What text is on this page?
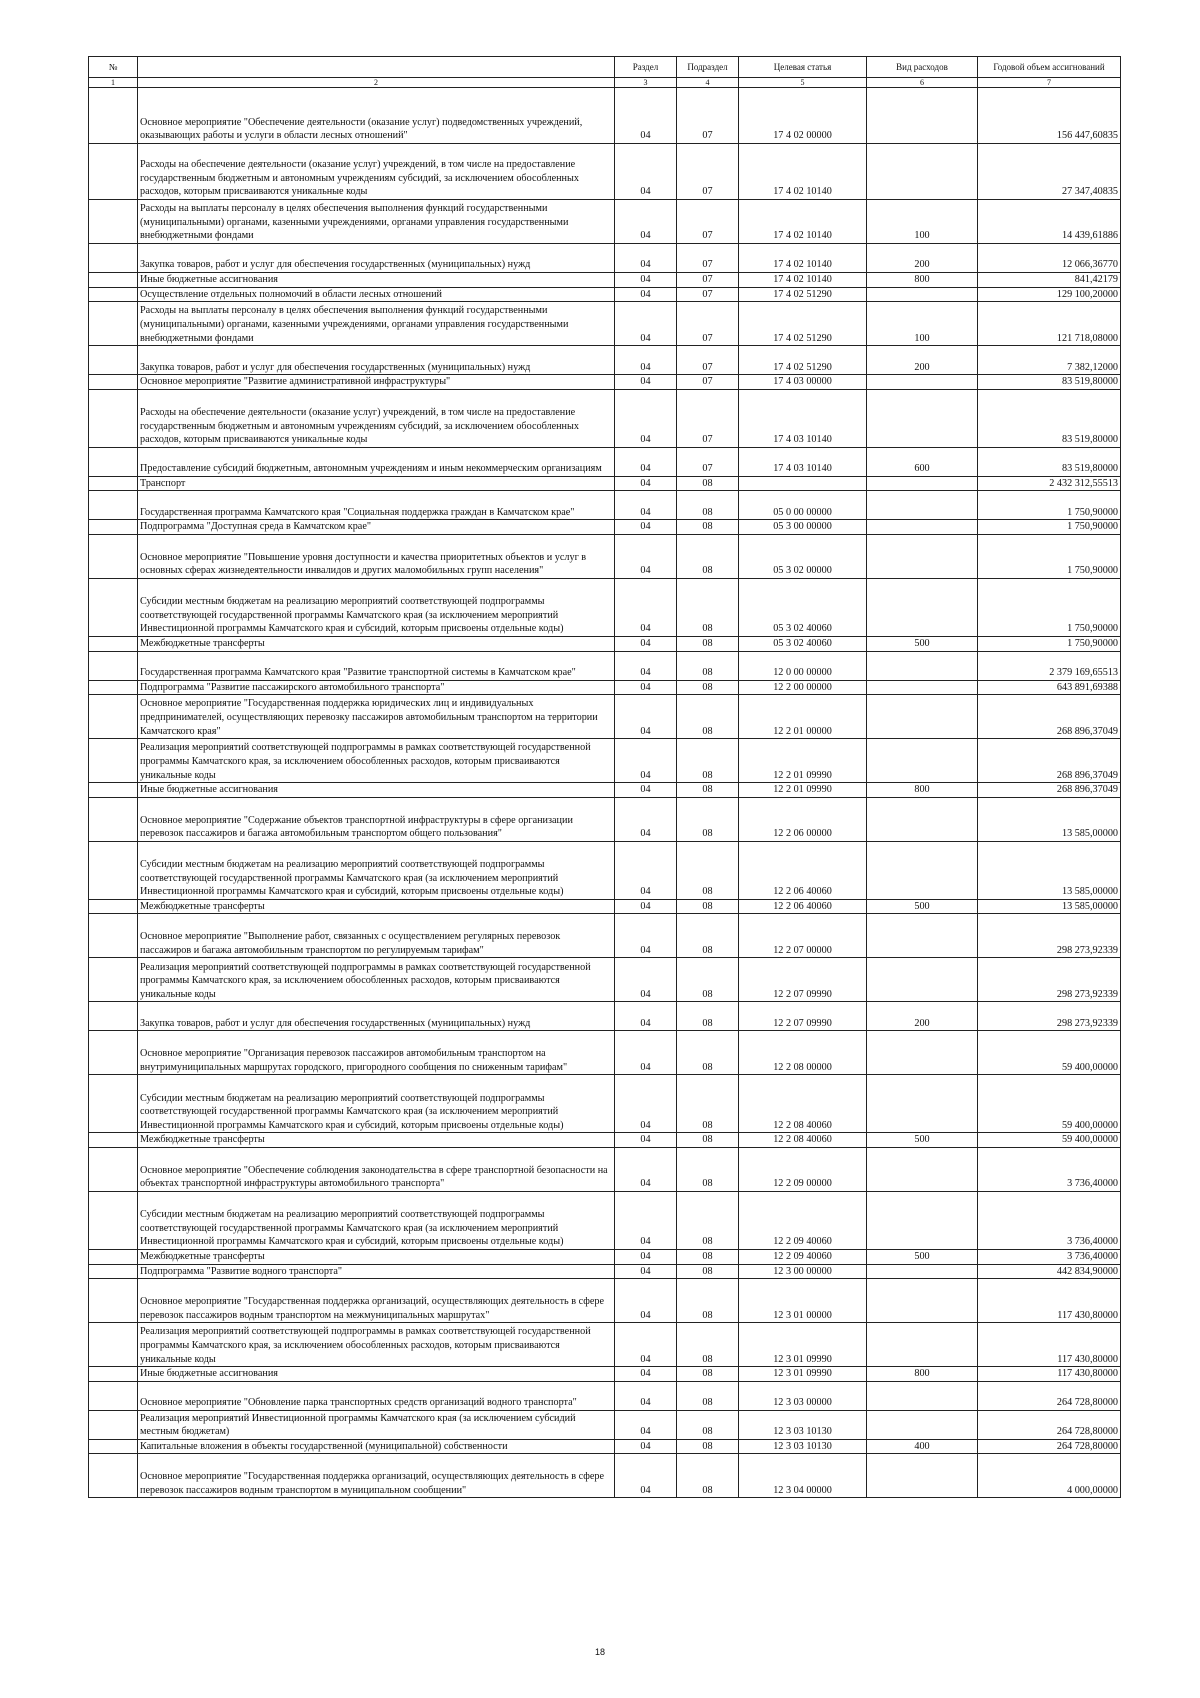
№		Раздел	Подраздел	Целевая статья	Вид расходов	Годовой объем ассигнований
1	2	3	4	5	6	7
	Основное мероприятие "Обеспечение деятельности (оказание услуг) подведомственных учреждений, оказывающих работы и услуги в области лесных отношений"	04	07	17 4 02 00000		156 447,60835
	Расходы на обеспечение деятельности (оказание услуг) учреждений, в том числе на предоставление государственным бюджетным и автономным учреждениям субсидий, за исключением обособленных расходов, которым присваиваются уникальные коды	04	07	17 4 02 10140		27 347,40835
	Расходы на выплаты персоналу в целях обеспечения выполнения функций государственными (муниципальными) органами, казенными учреждениями, органами управления государственными внебюджетными фондами	04	07	17 4 02 10140	100	14 439,61886
	Закупка товаров, работ и услуг для обеспечения государственных (муниципальных) нужд	04	07	17 4 02 10140	200	12 066,36770
	Иные бюджетные ассигнования	04	07	17 4 02 10140	800	841,42179
	Осуществление отдельных полномочий в области лесных отношений	04	07	17 4 02 51290		129 100,20000
	Расходы на выплаты персоналу в целях обеспечения выполнения функций государственными (муниципальными) органами, казенными учреждениями, органами управления государственными внебюджетными фондами	04	07	17 4 02 51290	100	121 718,08000
	Закупка товаров, работ и услуг для обеспечения государственных (муниципальных) нужд	04	07	17 4 02 51290	200	7 382,12000
	Основное мероприятие "Развитие административной инфраструктуры"	04	07	17 4 03 00000		83 519,80000
	Расходы на обеспечение деятельности (оказание услуг) учреждений, в том числе на предоставление государственным бюджетным и автономным учреждениям субсидий, за исключением обособленных расходов, которым присваиваются уникальные коды	04	07	17 4 03 10140		83 519,80000
	Предоставление субсидий бюджетным, автономным учреждениям и иным некоммерческим организациям	04	07	17 4 03 10140	600	83 519,80000
	Транспорт	04	08			2 432 312,55513
	Государственная программа Камчатского края "Социальная поддержка граждан в Камчатском крае"	04	08	05 0 00 00000		1 750,90000
	Подпрограмма "Доступная среда в Камчатском крае"	04	08	05 3 00 00000		1 750,90000
	Основное мероприятие "Повышение уровня доступности и качества приоритетных объектов и услуг в основных сферах жизнедеятельности инвалидов и других маломобильных групп населения"	04	08	05 3 02 00000		1 750,90000
	Субсидии местным бюджетам на реализацию мероприятий соответствующей подпрограммы соответствующей государственной программы Камчатского края (за исключением мероприятий Инвестиционной программы Камчатского края и субсидий, которым присвоены отдельные коды)	04	08	05 3 02 40060		1 750,90000
	Межбюджетные трансферты	04	08	05 3 02 40060	500	1 750,90000
	Государственная программа Камчатского края "Развитие транспортной системы в Камчатском крае"	04	08	12 0 00 00000		2 379 169,65513
	Подпрограмма "Развитие пассажирского автомобильного транспорта"	04	08	12 2 00 00000		643 891,69388
	Основное мероприятие "Государственная поддержка юридических лиц и индивидуальных предпринимателей, осуществляющих перевозку пассажиров автомобильным транспортом на территории Камчатского края"	04	08	12 2 01 00000		268 896,37049
	Реализация мероприятий соответствующей подпрограммы в рамках соответствующей государственной программы Камчатского края, за исключением обособленных расходов, которым присваиваются уникальные коды	04	08	12 2 01 09990		268 896,37049
	Иные бюджетные ассигнования	04	08	12 2 01 09990	800	268 896,37049
	Основное мероприятие "Содержание объектов транспортной инфраструктуры в сфере организации перевозок пассажиров и багажа автомобильным транспортом общего пользования"	04	08	12 2 06 00000		13 585,00000
	Субсидии местным бюджетам на реализацию мероприятий соответствующей подпрограммы соответствующей государственной программы Камчатского края (за исключением мероприятий Инвестиционной программы Камчатского края и субсидий, которым присвоены отдельные коды)	04	08	12 2 06 40060		13 585,00000
	Межбюджетные трансферты	04	08	12 2 06 40060	500	13 585,00000
	Основное мероприятие "Выполнение работ, связанных с осуществлением регулярных перевозок пассажиров и багажа автомобильным транспортом по регулируемым тарифам"	04	08	12 2 07 00000		298 273,92339
	Реализация мероприятий соответствующей подпрограммы в рамках соответствующей государственной программы Камчатского края, за исключением обособленных расходов, которым присваиваются уникальные коды	04	08	12 2 07 09990		298 273,92339
	Закупка товаров, работ и услуг для обеспечения государственных (муниципальных) нужд	04	08	12 2 07 09990	200	298 273,92339
	Основное мероприятие "Организация перевозок пассажиров автомобильным транспортом на внутримуниципальных маршрутах городского, пригородного сообщения по сниженным тарифам"	04	08	12 2 08 00000		59 400,00000
	Субсидии местным бюджетам на реализацию мероприятий соответствующей подпрограммы соответствующей государственной программы Камчатского края (за исключением мероприятий Инвестиционной программы Камчатского края и субсидий, которым присвоены отдельные коды)	04	08	12 2 08 40060		59 400,00000
	Межбюджетные трансферты	04	08	12 2 08 40060	500	59 400,00000
	Основное мероприятие "Обеспечение соблюдения законодательства в сфере транспортной безопасности на объектах транспортной инфраструктуры автомобильного транспорта"	04	08	12 2 09 00000		3 736,40000
	Субсидии местным бюджетам на реализацию мероприятий соответствующей подпрограммы соответствующей государственной программы Камчатского края (за исключением мероприятий Инвестиционной программы Камчатского края и субсидий, которым присвоены отдельные коды)	04	08	12 2 09 40060		3 736,40000
	Межбюджетные трансферты	04	08	12 2 09 40060	500	3 736,40000
	Подпрограмма "Развитие водного транспорта"	04	08	12 3 00 00000		442 834,90000
	Основное мероприятие "Государственная поддержка организаций, осуществляющих деятельность в сфере перевозок пассажиров водным транспортом на межмуниципальных маршрутах"	04	08	12 3 01 00000		117 430,80000
	Реализация мероприятий соответствующей подпрограммы в рамках соответствующей государственной программы Камчатского края, за исключением обособленных расходов, которым присваиваются уникальные коды	04	08	12 3 01 09990		117 430,80000
	Иные бюджетные ассигнования	04	08	12 3 01 09990	800	117 430,80000
	Основное мероприятие "Обновление парка транспортных средств организаций водного транспорта"	04	08	12 3 03 00000		264 728,80000
	Реализация мероприятий Инвестиционной программы Камчатского края (за исключением субсидий местным бюджетам)	04	08	12 3 03 10130		264 728,80000
	Капитальные вложения в объекты государственной (муниципальной) собственности	04	08	12 3 03 10130	400	264 728,80000
	Основное мероприятие "Государственная поддержка организаций, осуществляющих деятельность в сфере перевозок пассажиров водным транспортом в муниципальном сообщении"	04	08	12 3 04 00000		4 000,00000
18
